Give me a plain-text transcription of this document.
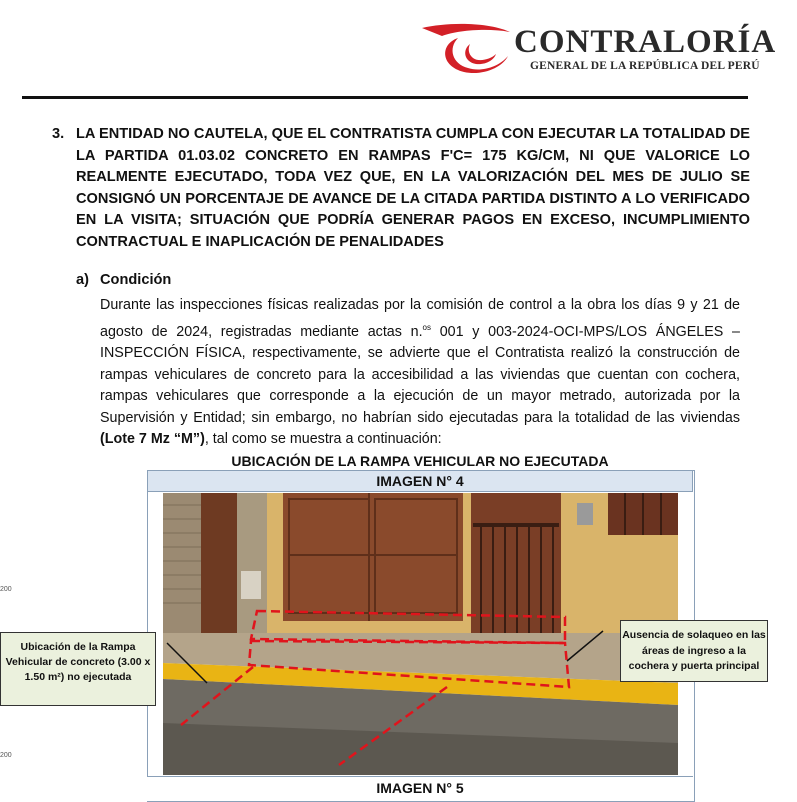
CONTRALORÍA
GENERAL DE LA REPÚBLICA DEL PERÚ
3. LA ENTIDAD NO CAUTELA, QUE EL CONTRATISTA CUMPLA CON EJECUTAR LA TOTALIDAD DE LA PARTIDA 01.03.02 CONCRETO EN RAMPAS F'C= 175 KG/CM, NI QUE VALORICE LO REALMENTE EJECUTADO, TODA VEZ QUE, EN LA VALORIZACIÓN DEL MES DE JULIO SE CONSIGNÓ UN PORCENTAJE DE AVANCE DE LA CITADA PARTIDA DISTINTO A LO VERIFICADO EN LA VISITA; SITUACIÓN QUE PODRÍA GENERAR PAGOS EN EXCESO, INCUMPLIMIENTO CONTRACTUAL E INAPLICACIÓN DE PENALIDADES
a) Condición
Durante las inspecciones físicas realizadas por la comisión de control a la obra los días 9 y 21 de agosto de 2024, registradas mediante actas n.$^{os}$ 001 y 003-2024-OCI-MPS/LOS ÁNGELES – INSPECCIÓN FÍSICA, respectivamente, se advierte que el Contratista realizó la construcción de rampas vehiculares de concreto para la accesibilidad a las viviendas que cuentan con cochera, rampas vehiculares que corresponde a la ejecución de un mayor metrado, autorizada por la Supervisión y Entidad; sin embargo, no habrían sido ejecutadas para la totalidad de las viviendas (Lote 7 Mz “M”), tal como se muestra a continuación:
UBICACIÓN DE LA RAMPA VEHICULAR NO EJECUTADA
IMAGEN N° 4
IMAGEN N° 5
Ubicación de la Rampa Vehicular de concreto (3.00 x 1.50 m²) no ejecutada
Ausencia de solaqueo en las áreas de ingreso a la cochera y puerta principal
200
200
